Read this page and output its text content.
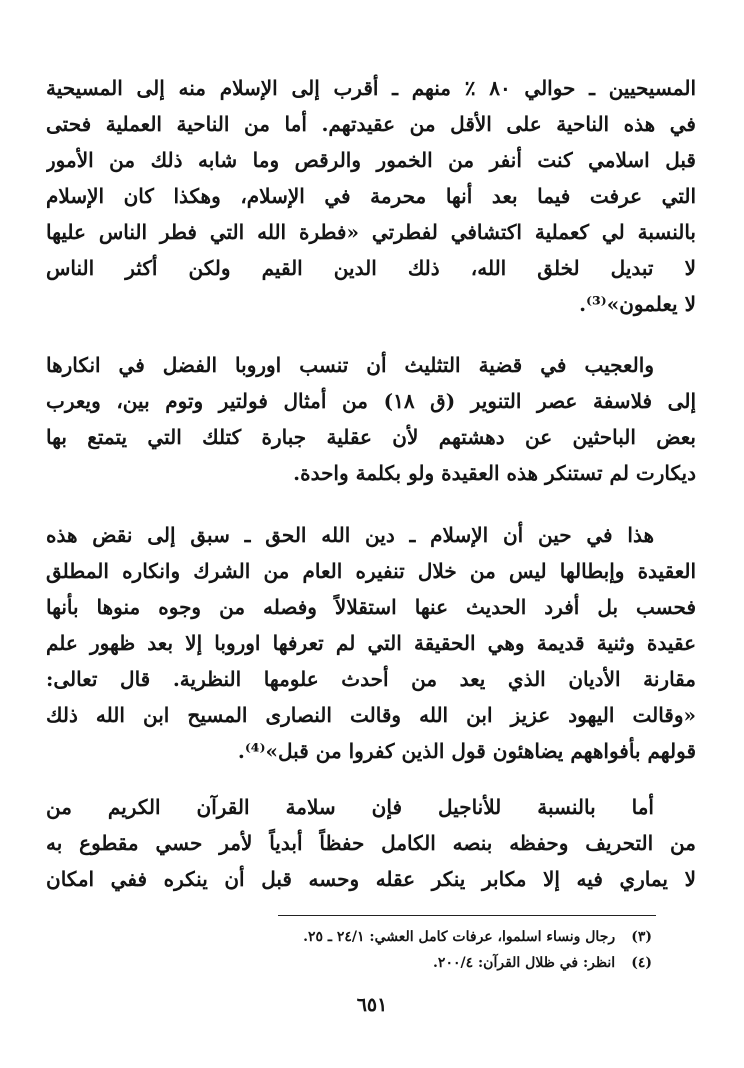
المسيحيين ـ حوالي ٨٠ ٪ منهم ـ أقرب إلى الإسلام منه إلى المسيحية
في هذه الناحية على الأقل من عقيدتهم. أما من الناحية العملية فحتى
قبل اسلامي كنت أنفر من الخمور والرقص وما شابه ذلك من الأمور
التي عرفت فيما بعد أنها محرمة في الإسلام، وهكذا كان الإسلام
بالنسبة لي كعملية اكتشافي لفطرتي «فطرة الله التي فطر الناس عليها
لا تبديل لخلق الله، ذلك الدين القيم ولكن أكثر الناس
لا يعلمون»⁽³⁾.
والعجيب في قضية التثليث أن تنسب اوروبا الفضل في انكارها
إلى فلاسفة عصر التنوير (ق ١٨) من أمثال فولتير وتوم بين، ويعرب
بعض الباحثين عن دهشتهم لأن عقلية جبارة كتلك التي يتمتع بها
ديكارت لم تستنكر هذه العقيدة ولو بكلمة واحدة.
هذا في حين أن الإسلام ـ دين الله الحق ـ سبق إلى نقض هذه
العقيدة وإبطالها ليس من خلال تنفيره العام من الشرك وانكاره المطلق
فحسب بل أفرد الحديث عنها استقلالاً وفصله من وجوه منوها بأنها
عقيدة وثنية قديمة وهي الحقيقة التي لم تعرفها اوروبا إلا بعد ظهور علم
مقارنة الأديان الذي يعد من أحدث علومها النظرية. قال تعالى:
«وقالت اليهود عزيز ابن الله وقالت النصارى المسيح ابن الله ذلك
قولهم بأفواههم يضاهئون قول الذين كفروا من قبل»⁽⁴⁾.
أما بالنسبة للأناجيل فإن سلامة القرآن الكريم من
من التحريف وحفظه بنصه الكامل حفظاً أبدياً لأمر حسي مقطوع به
لا يماري فيه إلا مكابر ينكر عقله وحسه قبل أن ينكره ففي امكان
(٣) رجال ونساء اسلموا، عرفات كامل العشي: ٢٤/١ ـ ٢٥.
(٤) انظر: في ظلال القرآن: ٢٠٠/٤.
٦٥١
